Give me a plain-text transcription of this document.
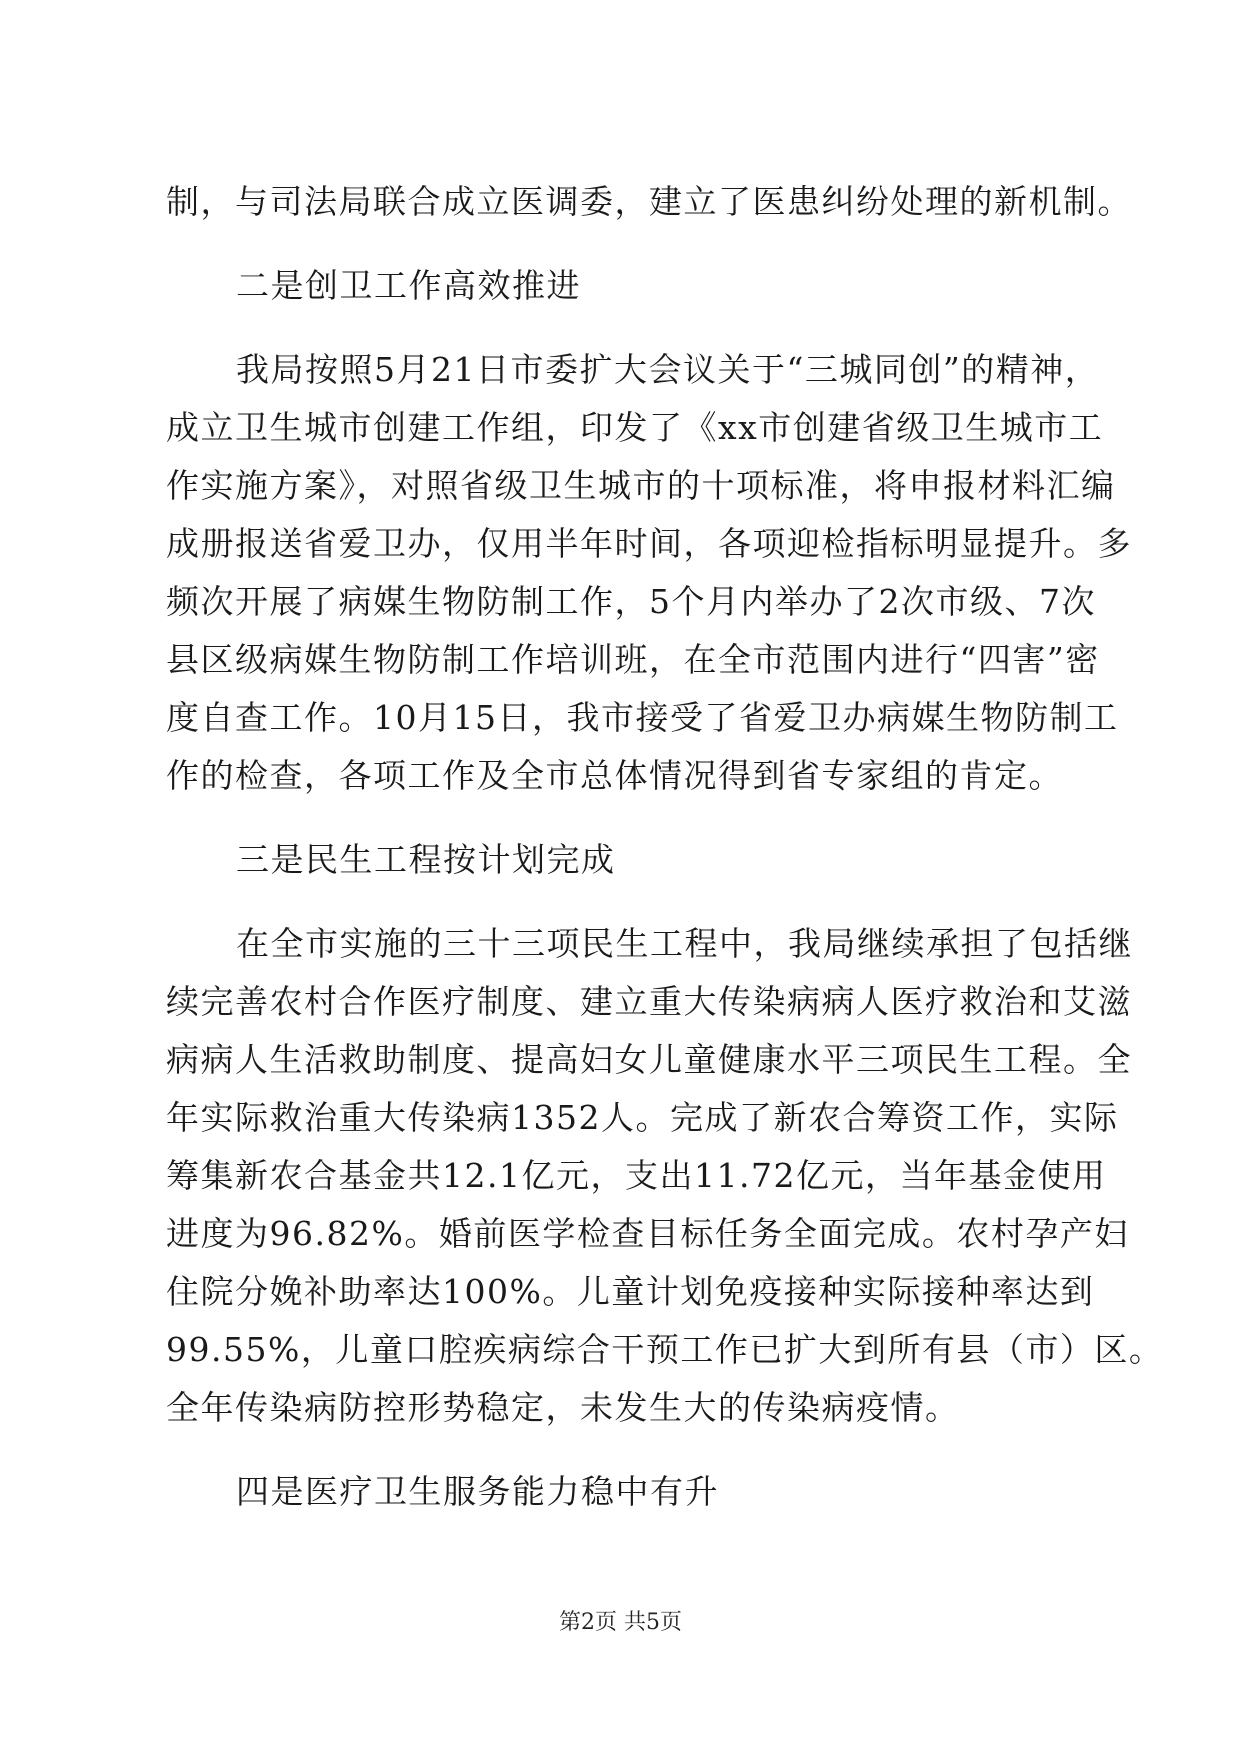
制，与司法局联合成立医调委，建立了医患纠纷处理的新机制。
二是创卫工作高效推进
我局按照5月21日市委扩大会议关于“三城同创”的精神，
成立卫生城市创建工作组，印发了《xx市创建省级卫生城市工
作实施方案》，对照省级卫生城市的十项标准，将申报材料汇编
成册报送省爱卫办，仅用半年时间，各项迎检指标明显提升。多
频次开展了病媒生物防制工作，5个月内举办了2次市级、7次
县区级病媒生物防制工作培训班，在全市范围内进行“四害”密
度自查工作。10月15日，我市接受了省爱卫办病媒生物防制工
作的检查，各项工作及全市总体情况得到省专家组的肯定。
三是民生工程按计划完成
在全市实施的三十三项民生工程中，我局继续承担了包括继
续完善农村合作医疗制度、建立重大传染病病人医疗救治和艾滋
病病人生活救助制度、提高妇女儿童健康水平三项民生工程。全
年实际救治重大传染病1352人。完成了新农合筹资工作，实际
筹集新农合基金共12.1亿元，支出11.72亿元，当年基金使用
进度为96.82%。婚前医学检查目标任务全面完成。农村孕产妇
住院分娩补助率达100%。儿童计划免疫接种实际接种率达到
99.55%，儿童口腔疾病综合干预工作已扩大到所有县（市）区。
全年传染病防控形势稳定，未发生大的传染病疫情。
四是医疗卫生服务能力稳中有升
第2页 共5页
